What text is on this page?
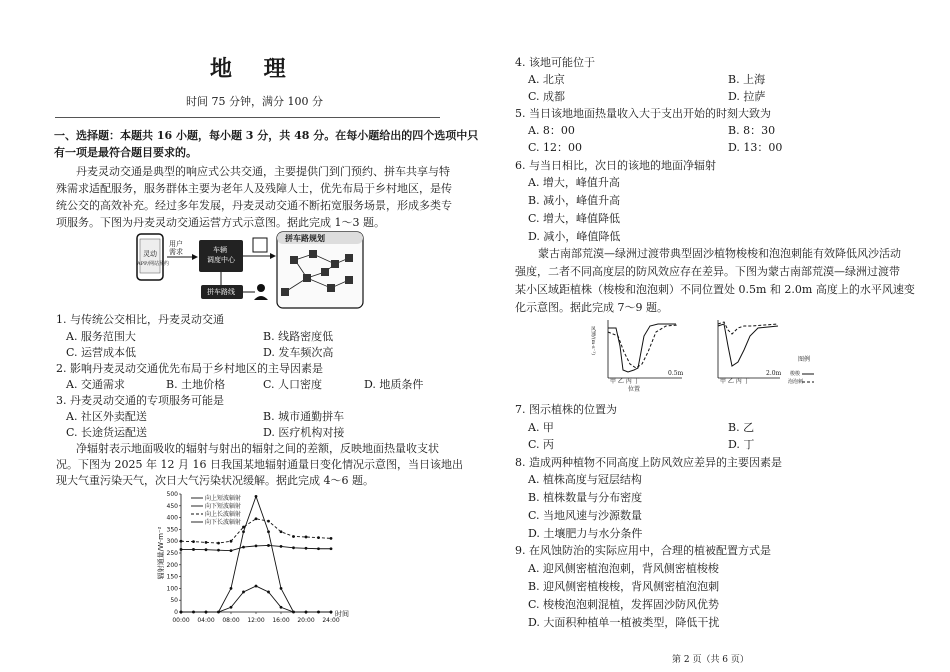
地 理
时间 75 分钟，满分 100 分
一、选择题：本题共 16 小题，每小题 3 分，共 48 分。在每小题给出的四个选项中只
有一项是最符合题目要求的。
丹麦灵动交通是典型的响应式公共交通，主要提供门到门预约、拼车共享与特
殊需求适配服务，服务群体主要为老年人及残障人士，优先布局于乡村地区，是传
统公交的高效补充。经过多年发展，丹麦灵动交通不断拓宽服务场景，形成多类专
项服务。下图为丹麦灵动交通运营方式示意图。据此完成 1～3 题。
灵动
APP/网站预约
用户
需求	车辆
调度中心
拼车路线
拼车路规划
1. 与传统公交相比，丹麦灵动交通
A. 服务范围大	B. 线路密度低
C. 运营成本低	D. 发车频次高
2. 影响丹麦灵动交通优先布局于乡村地区的主导因素是
A. 交通需求	B. 土地价格	C. 人口密度	D. 地质条件
3. 丹麦灵动交通的专项服务可能是
A. 社区外卖配送	B. 城市通勤拼车
C. 长途货运配送	D. 医疗机构对接
净辐射表示地面吸收的辐射与射出的辐射之间的差额，反映地面热量收支状
况。下图为 2025 年 12 月 16 日我国某地辐射通量日变化情况示意图，当日该地出
现大气重污染天气，次日大气污染状况缓解。据此完成 4～6 题。
0
50
100
150
200
250
300
350
400
450
500
00:00 04:00 08:00 12:00 16:00 20:00 24:00
时间
辐射通量/W·m⁻²
向上短波辐射
向下短波辐射
向上长波辐射
向下长波辐射
4. 该地可能位于
A. 北京	B. 上海
C. 成都	D. 拉萨
5. 当日该地地面热量收入大于支出开始的时刻大致为
A. 8：00	B. 8：30
C. 12：00	D. 13：00
6. 与当日相比，次日的该地的地面净辐射
A. 增大，峰值升高
B. 减小，峰值升高
C. 增大，峰值降低
D. 减小，峰值降低
蒙古南部荒漠—绿洲过渡带典型固沙植物梭梭和泡泡刺能有效降低风沙活动
强度，二者不同高度层的防风效应存在差异。下图为蒙古南部荒漠—绿洲过渡带
某小区域距植株（梭梭和泡泡刺）不同位置处 0.5m 和 2.0m 高度上的水平风速变
化示意图。据此完成 7～9 题。
风速/(m·s⁻¹)
甲 乙 丙 丁
位置
0.5m
甲 乙 丙 丁
2.0m
图例
梭梭
泡泡刺
7. 图示植株的位置为
A. 甲	B. 乙
C. 丙	D. 丁
8. 造成两种植物不同高度上防风效应差异的主要因素是
A. 植株高度与冠层结构
B. 植株数量与分布密度
C. 当地风速与沙源数量
D. 土壤肥力与水分条件
9. 在风蚀防治的实际应用中，合理的植被配置方式是
A. 迎风侧密植泡泡刺，背风侧密植梭梭
B. 迎风侧密植梭梭，背风侧密植泡泡刺
C. 梭梭泡泡刺混植，发挥固沙防风优势
D. 大面积种植单一植被类型，降低干扰
第 2 页（共 6 页）
